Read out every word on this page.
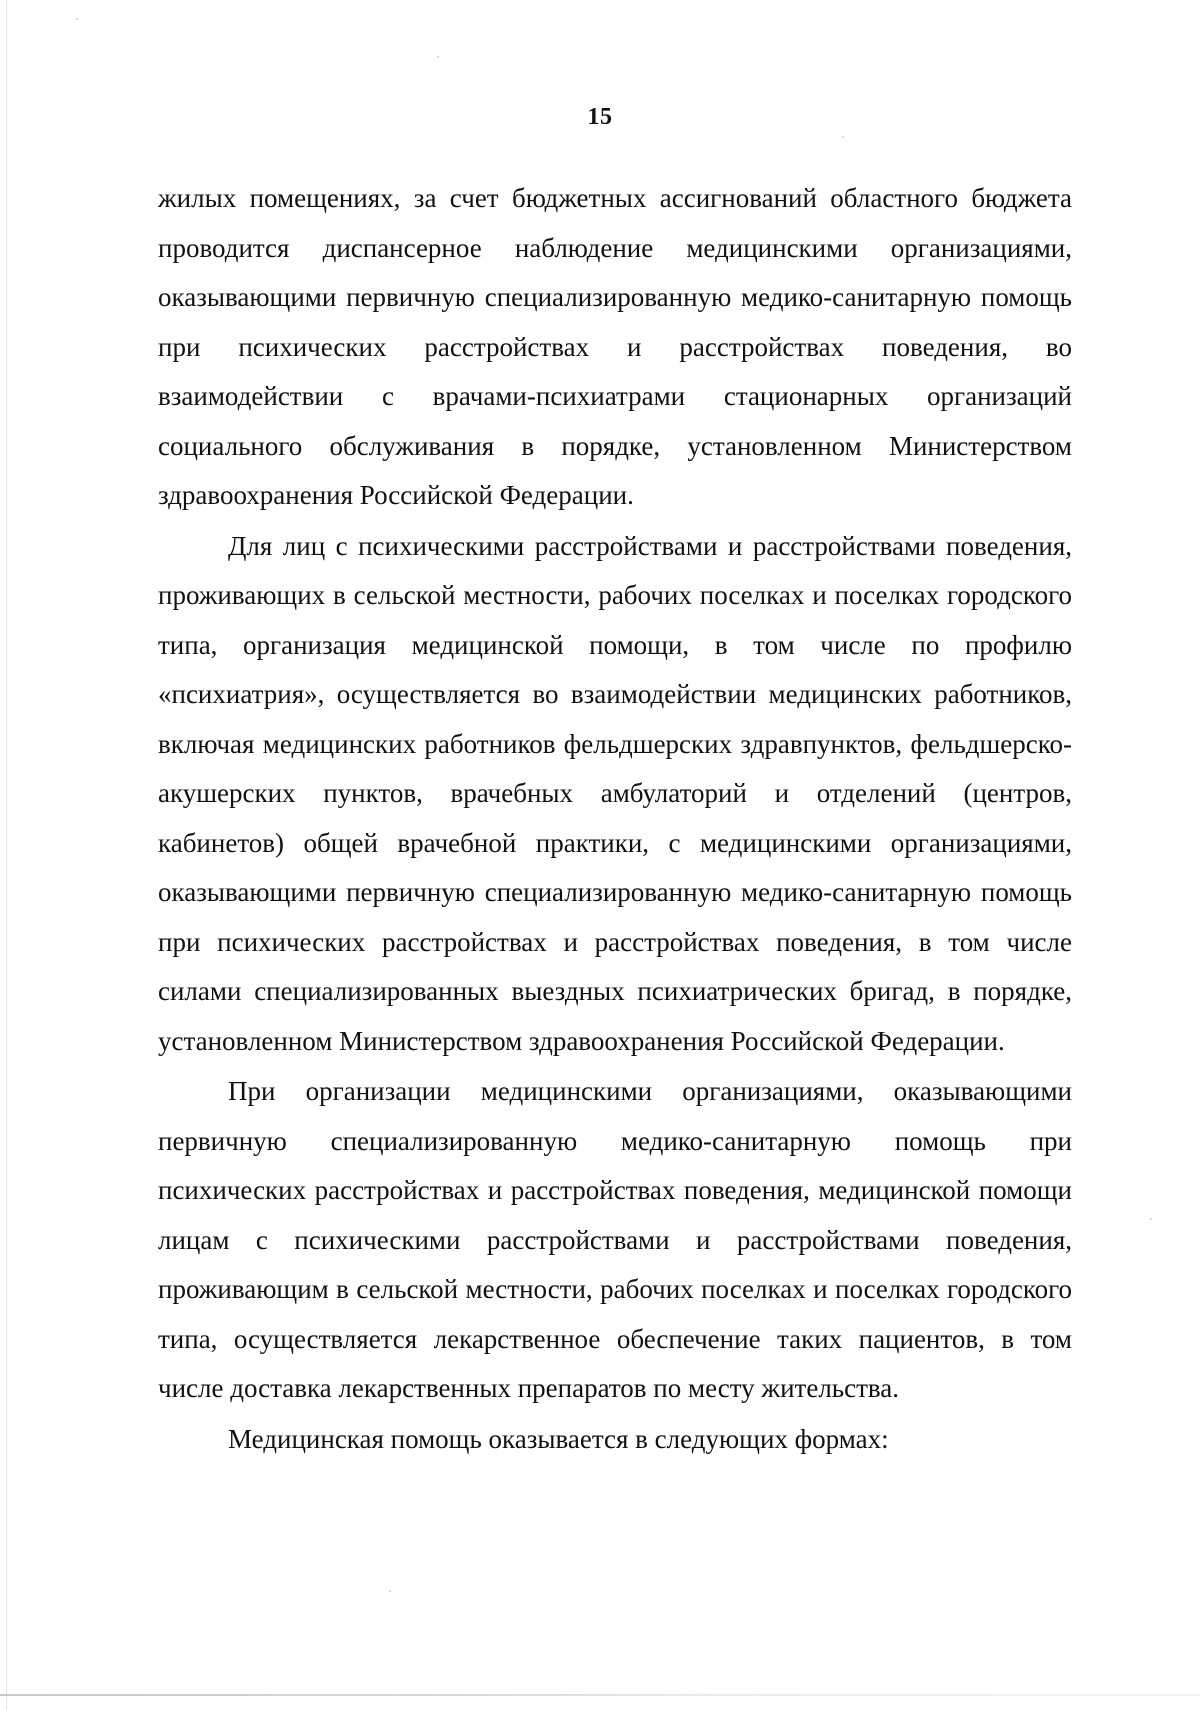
15

жилых помещениях, за счет бюджетных ассигнований областного бюджета проводится диспансерное наблюдение медицинскими организациями, оказывающими первичную специализированную медико-санитарную помощь при психических расстройствах и расстройствах поведения, во взаимодействии с врачами-психиатрами стационарных организаций социального обслуживания в порядке, установленном Министерством здравоохранения Российской Федерации.

Для лиц с психическими расстройствами и расстройствами поведения, проживающих в сельской местности, рабочих поселках и поселках городского типа, организация медицинской помощи, в том числе по профилю «психиатрия», осуществляется во взаимодействии медицинских работников, включая медицинских работников фельдшерских здравпунктов, фельдшерско-акушерских пунктов, врачебных амбулаторий и отделений (центров, кабинетов) общей врачебной практики, с медицинскими организациями, оказывающими первичную специализированную медико-санитарную помощь при психических расстройствах и расстройствах поведения, в том числе силами специализированных выездных психиатрических бригад, в порядке, установленном Министерством здравоохранения Российской Федерации.

При организации медицинскими организациями, оказывающими первичную специализированную медико-санитарную помощь при психических расстройствах и расстройствах поведения, медицинской помощи лицам с психическими расстройствами и расстройствами поведения, проживающим в сельской местности, рабочих поселках и поселках городского типа, осуществляется лекарственное обеспечение таких пациентов, в том числе доставка лекарственных препаратов по месту жительства.

Медицинская помощь оказывается в следующих формах:
